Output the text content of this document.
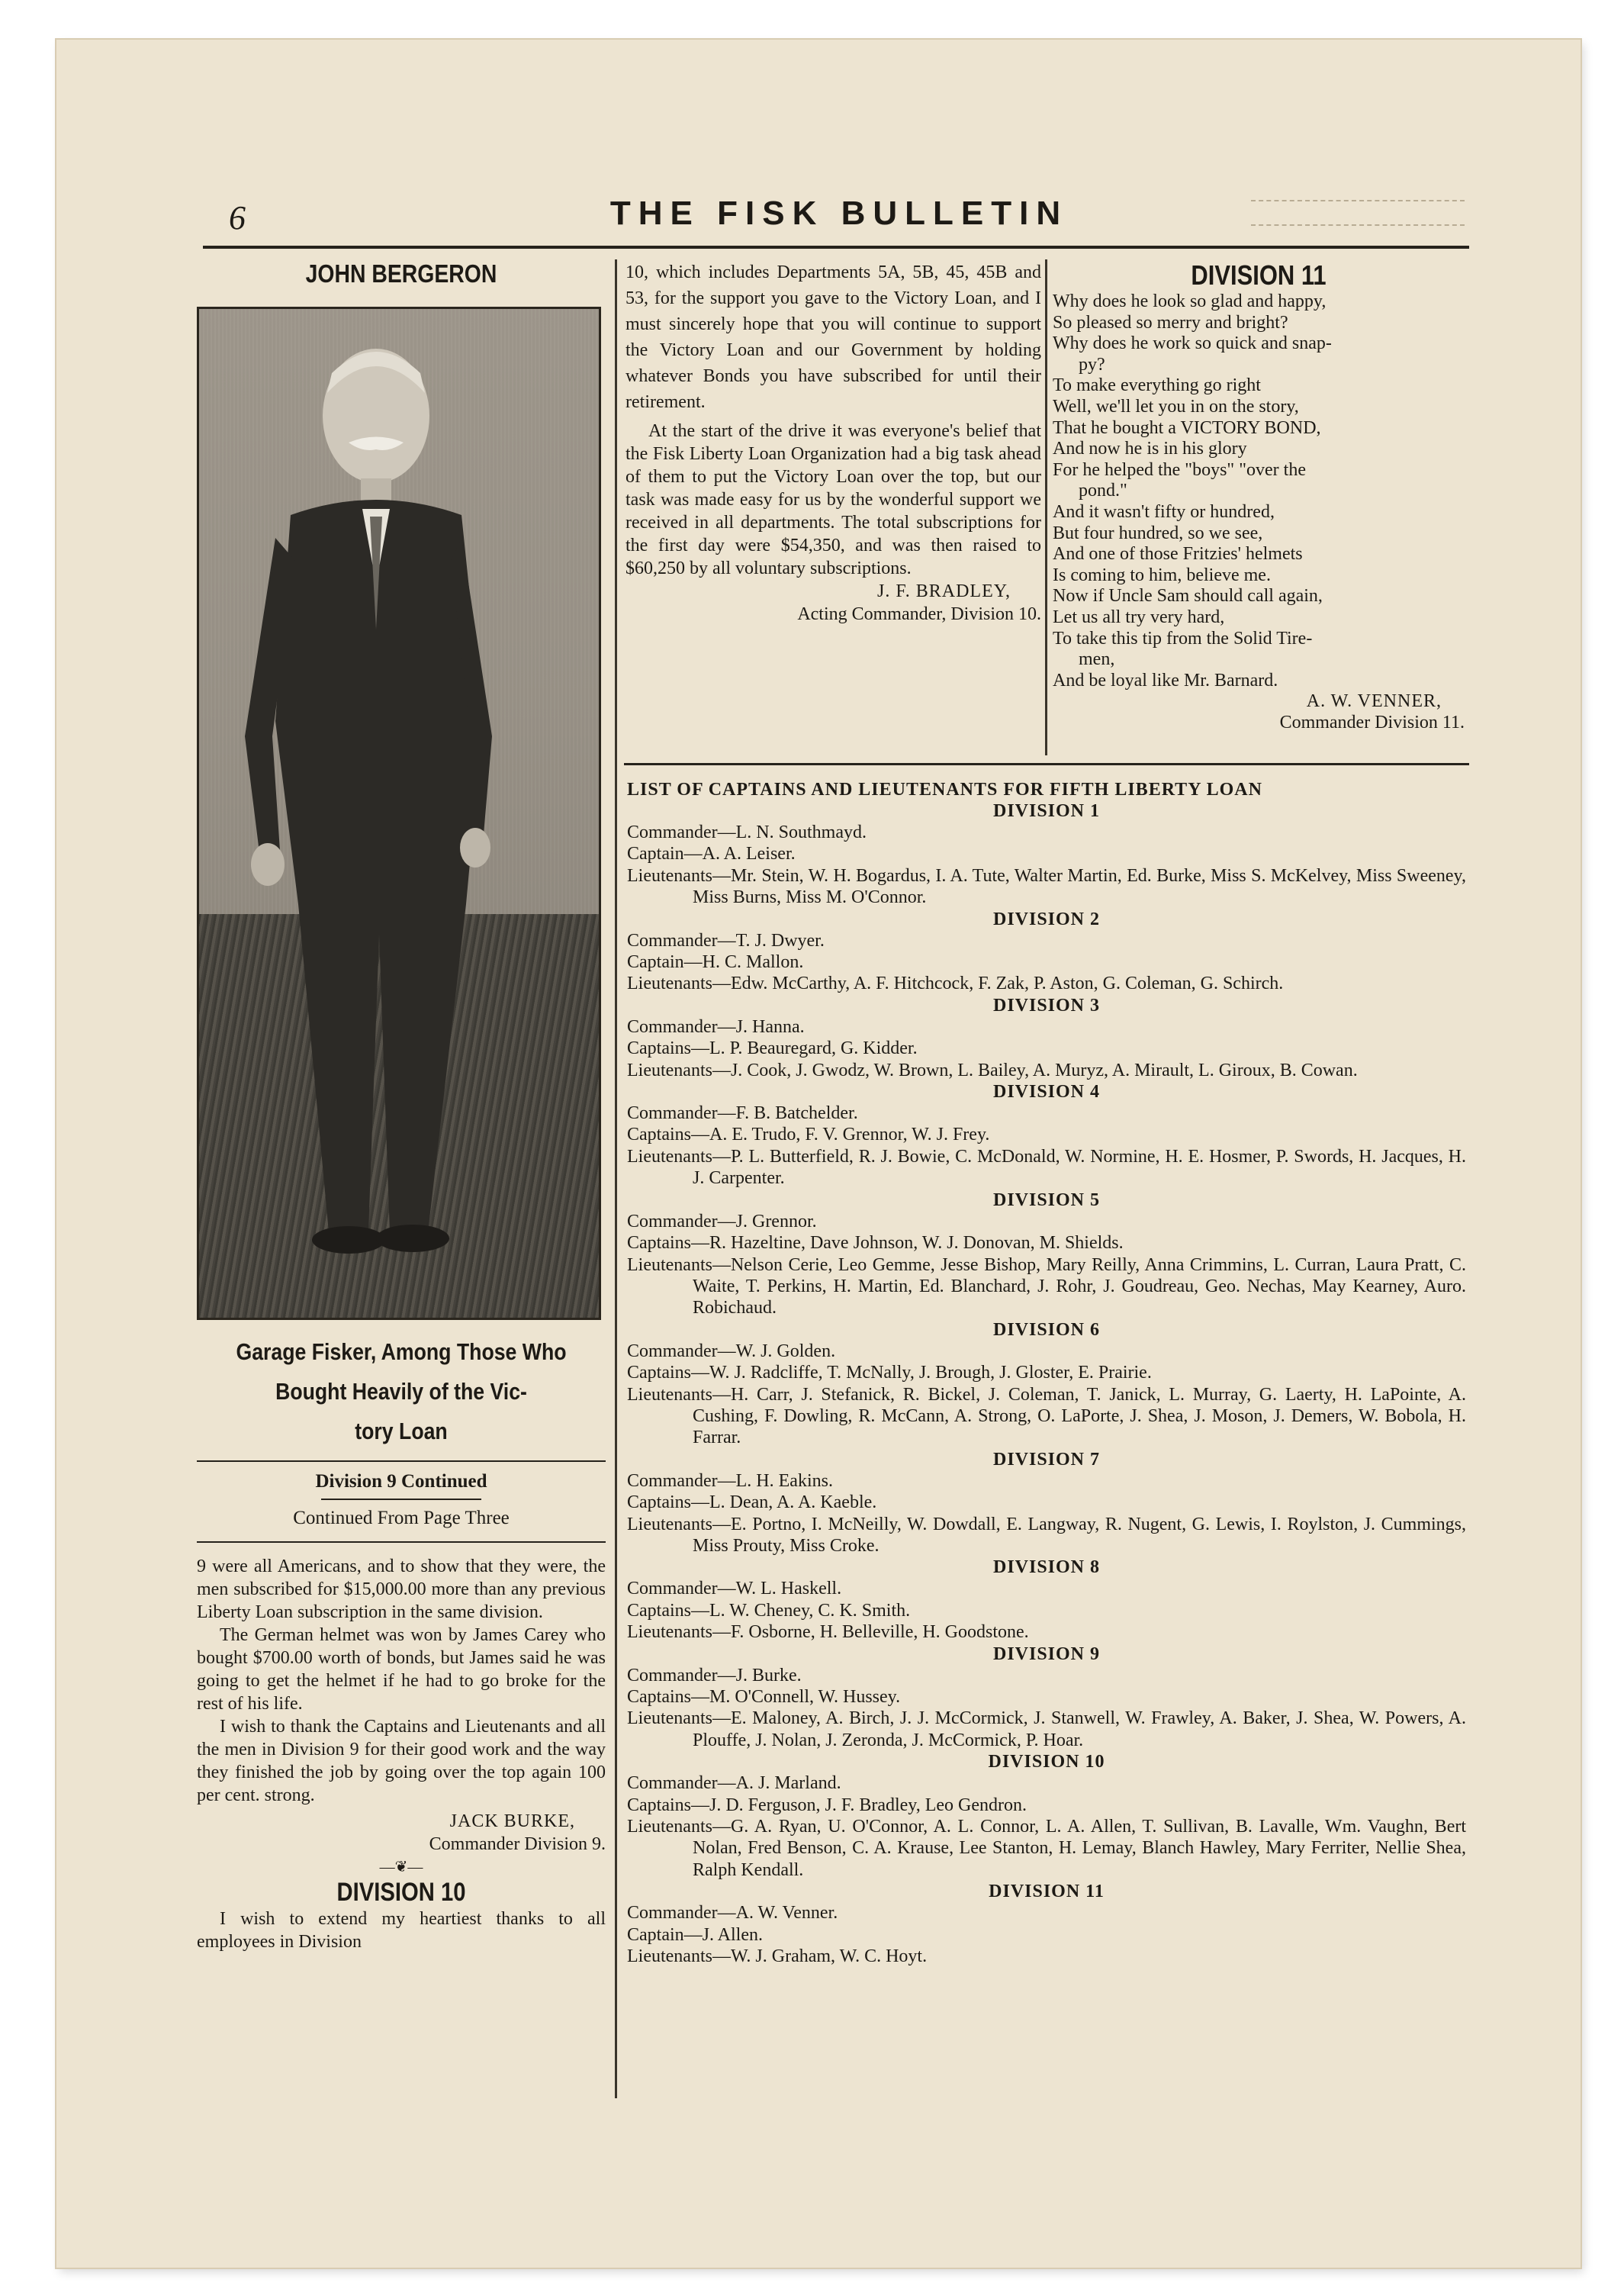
6	THE FISK BULLETIN
JOHN BERGERON
Garage Fisker, Among Those Who
Bought Heavily of the Vic-
tory Loan
Division 9 Continued
Continued From Page Three

9 were all Americans, and to show that they were, the men subscribed for $15,000.00 more than any previous Liberty Loan subscription in the same division.

The German helmet was won by James Carey who bought $700.00 worth of bonds, but James said he was going to get the helmet if he had to go broke for the rest of his life.

I wish to thank the Captains and Lieutenants and all the men in Division 9 for their good work and the way they finished the job by going over the top again 100 per cent. strong.

JACK BURKE,
Commander Division 9.
—❦—
DIVISION 10

I wish to extend my heartiest thanks to all employees in Division

10, which includes Departments 5A, 5B, 45, 45B and 53, for the support you gave to the Victory Loan, and I must sincerely hope that you will continue to support the Victory Loan and our Government by holding whatever Bonds you have subscribed for until their retirement.

At the start of the drive it was everyone's belief that the Fisk Liberty Loan Organization had a big task ahead of them to put the Victory Loan over the top, but our task was made easy for us by the wonderful support we received in all departments. The total subscriptions for the first day were $54,350, and was then raised to $60,250 by all voluntary subscriptions.

J. F. BRADLEY,
Acting Commander, Division 10.
DIVISION 11
Why does he look so glad and happy,
So pleased so merry and bright?
Why does he work so quick and snap-
py?
To make everything go right
Well, we'll let you in on the story,
That he bought a VICTORY BOND,
And now he is in his glory
For he helped the "boys" "over the
pond."
And it wasn't fifty or hundred,
But four hundred, so we see,
And one of those Fritzies' helmets
Is coming to him, believe me.
Now if Uncle Sam should call again,
Let us all try very hard,
To take this tip from the Solid Tire-
men,
And be loyal like Mr. Barnard.
A. W. VENNER,
Commander Division 11.
LIST OF CAPTAINS AND LIEUTENANTS FOR FIFTH LIBERTY LOAN
DIVISION 1
Commander—L. N. Southmayd.
Captain—A. A. Leiser.
Lieutenants—Mr. Stein, W. H. Bogardus, I. A. Tute, Walter Martin, Ed. Burke, Miss S. McKelvey, Miss Sweeney, Miss Burns, Miss M. O'Connor.
DIVISION 2
Commander—T. J. Dwyer.
Captain—H. C. Mallon.
Lieutenants—Edw. McCarthy, A. F. Hitchcock, F. Zak, P. Aston, G. Coleman, G. Schirch.
DIVISION 3
Commander—J. Hanna.
Captains—L. P. Beauregard, G. Kidder.
Lieutenants—J. Cook, J. Gwodz, W. Brown, L. Bailey, A. Muryz, A. Mirault, L. Giroux, B. Cowan.
DIVISION 4
Commander—F. B. Batchelder.
Captains—A. E. Trudo, F. V. Grennor, W. J. Frey.
Lieutenants—P. L. Butterfield, R. J. Bowie, C. McDonald, W. Normine, H. E. Hosmer, P. Swords, H. Jacques, H. J. Carpenter.
DIVISION 5
Commander—J. Grennor.
Captains—R. Hazeltine, Dave Johnson, W. J. Donovan, M. Shields.
Lieutenants—Nelson Cerie, Leo Gemme, Jesse Bishop, Mary Reilly, Anna Crimmins, L. Curran, Laura Pratt, C. Waite, T. Perkins, H. Martin, Ed. Blanchard, J. Rohr, J. Goudreau, Geo. Nechas, May Kearney, Auro. Robichaud.
DIVISION 6
Commander—W. J. Golden.
Captains—W. J. Radcliffe, T. McNally, J. Brough, J. Gloster, E. Prairie.
Lieutenants—H. Carr, J. Stefanick, R. Bickel, J. Coleman, T. Janick, L. Murray, G. Laerty, H. LaPointe, A. Cushing, F. Dowling, R. McCann, A. Strong, O. LaPorte, J. Shea, J. Moson, J. Demers, W. Bobola, H. Farrar.
DIVISION 7
Commander—L. H. Eakins.
Captains—L. Dean, A. A. Kaeble.
Lieutenants—E. Portno, I. McNeilly, W. Dowdall, E. Langway, R. Nugent, G. Lewis, I. Roylston, J. Cummings, Miss Prouty, Miss Croke.
DIVISION 8
Commander—W. L. Haskell.
Captains—L. W. Cheney, C. K. Smith.
Lieutenants—F. Osborne, H. Belleville, H. Goodstone.
DIVISION 9
Commander—J. Burke.
Captains—M. O'Connell, W. Hussey.
Lieutenants—E. Maloney, A. Birch, J. J. McCormick, J. Stanwell, W. Frawley, A. Baker, J. Shea, W. Powers, A. Plouffe, J. Nolan, J. Zeronda, J. McCormick, P. Hoar.
DIVISION 10
Commander—A. J. Marland.
Captains—J. D. Ferguson, J. F. Bradley, Leo Gendron.
Lieutenants—G. A. Ryan, U. O'Connor, A. L. Connor, L. A. Allen, T. Sullivan, B. Lavalle, Wm. Vaughn, Bert Nolan, Fred Benson, C. A. Krause, Lee Stanton, H. Lemay, Blanch Hawley, Mary Ferriter, Nellie Shea, Ralph Kendall.
DIVISION 11
Commander—A. W. Venner.
Captain—J. Allen.
Lieutenants—W. J. Graham, W. C. Hoyt.
